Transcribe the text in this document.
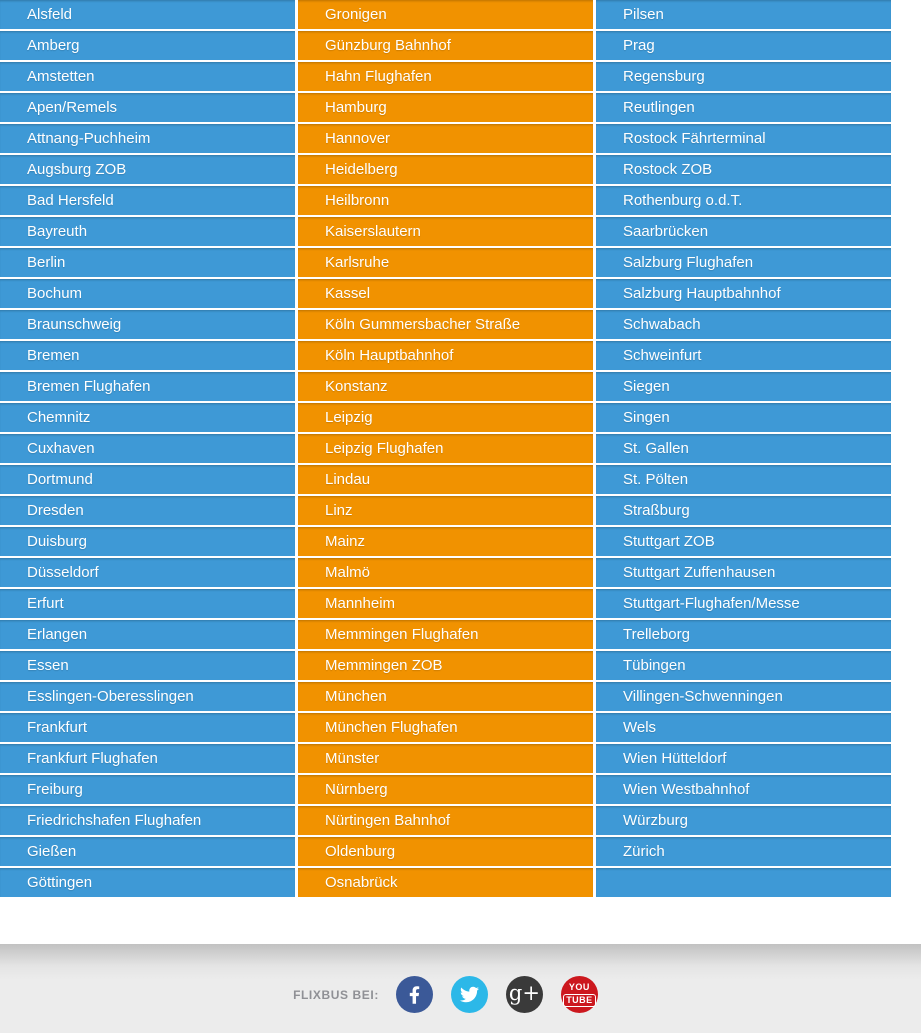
Alsfeld
Amberg
Amstetten
Apen/Remels
Attnang-Puchheim
Augsburg ZOB
Bad Hersfeld
Bayreuth
Berlin
Bochum
Braunschweig
Bremen
Bremen Flughafen
Chemnitz
Cuxhaven
Dortmund
Dresden
Duisburg
Düsseldorf
Erfurt
Erlangen
Essen
Esslingen-Oberesslingen
Frankfurt
Frankfurt Flughafen
Freiburg
Friedrichshafen Flughafen
Gießen
Göttingen
Gronigen
Günzburg Bahnhof
Hahn Flughafen
Hamburg
Hannover
Heidelberg
Heilbronn
Kaiserslautern
Karlsruhe
Kassel
Köln Gummersbacher Straße
Köln Hauptbahnhof
Konstanz
Leipzig
Leipzig Flughafen
Lindau
Linz
Mainz
Malmö
Mannheim
Memmingen Flughafen
Memmingen ZOB
München
München Flughafen
Münster
Nürnberg
Nürtingen Bahnhof
Oldenburg
Osnabrück
Pilsen
Prag
Regensburg
Reutlingen
Rostock Fährterminal
Rostock ZOB
Rothenburg o.d.T.
Saarbrücken
Salzburg Flughafen
Salzburg Hauptbahnhof
Schwabach
Schweinfurt
Siegen
Singen
St. Gallen
St. Pölten
Straßburg
Stuttgart ZOB
Stuttgart Zuffenhausen
Stuttgart-Flughafen/Messe
Trelleborg
Tübingen
Villingen-Schwenningen
Wels
Wien Hütteldorf
Wien Westbahnhof
Würzburg
Zürich
FLIXBUS BEI:	g+	YOU
TUBE
